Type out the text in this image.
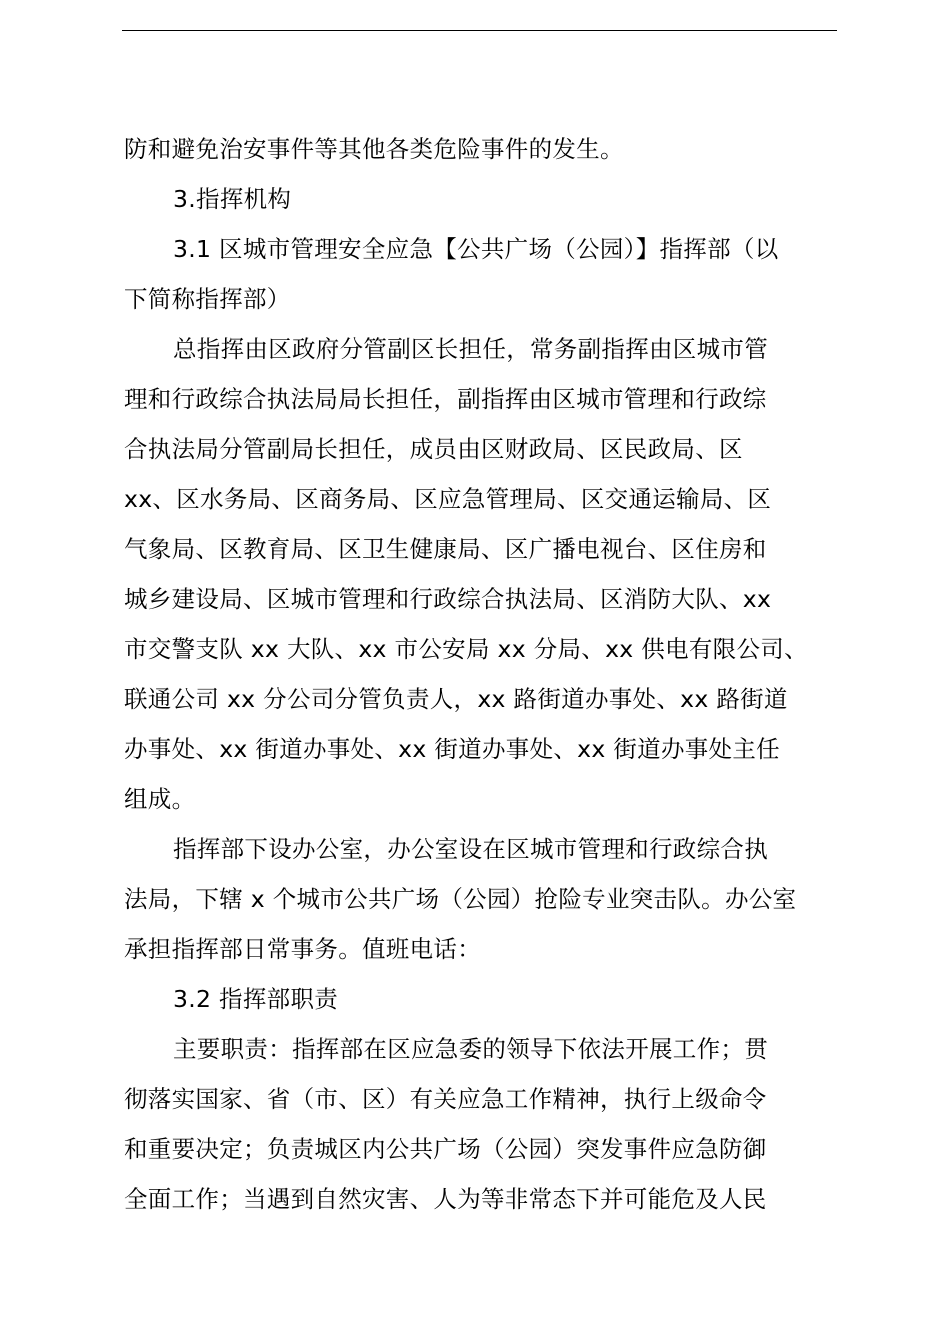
防和避免治安事件等其他各类危险事件的发生。
3.指挥机构
3.1 区城市管理安全应急【公共广场（公园）】指挥部（以
下简称指挥部）
总指挥由区政府分管副区长担任，常务副指挥由区城市管
理和行政综合执法局局长担任，副指挥由区城市管理和行政综
合执法局分管副局长担任，成员由区财政局、区民政局、区
xx、区水务局、区商务局、区应急管理局、区交通运输局、区
气象局、区教育局、区卫生健康局、区广播电视台、区住房和
城乡建设局、区城市管理和行政综合执法局、区消防大队、xx
市交警支队 xx 大队、xx 市公安局 xx 分局、xx 供电有限公司、
联通公司 xx 分公司分管负责人，xx 路街道办事处、xx 路街道
办事处、xx 街道办事处、xx 街道办事处、xx 街道办事处主任
组成。
指挥部下设办公室，办公室设在区城市管理和行政综合执
法局，下辖 x 个城市公共广场（公园）抢险专业突击队。办公室
承担指挥部日常事务。值班电话：
3.2 指挥部职责
主要职责：指挥部在区应急委的领导下依法开展工作；贯
彻落实国家、省（市、区）有关应急工作精神，执行上级命令
和重要决定；负责城区内公共广场（公园）突发事件应急防御
全面工作；当遇到自然灾害、人为等非常态下并可能危及人民
